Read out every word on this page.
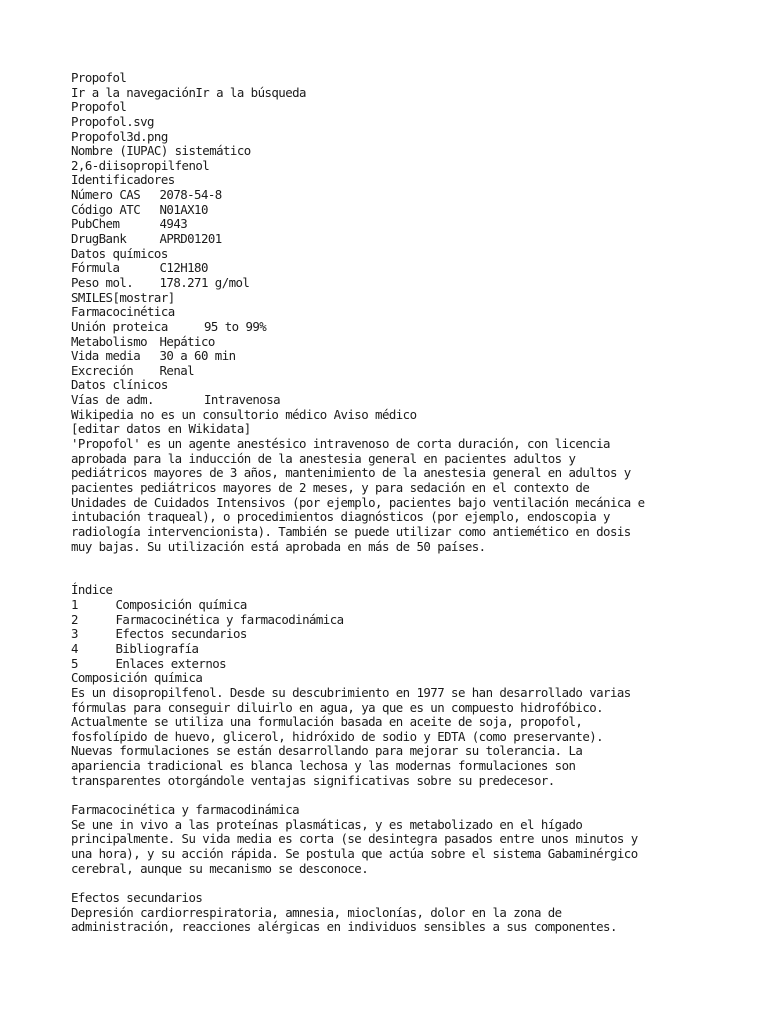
Propofol
Ir a la navegaciónIr a la búsqueda
Propofol
Propofol.svg
Propofol3d.png
Nombre (IUPAC) sistemático
2,6-diisopropilfenol
Identificadores
Número CAS 2078-54-8
Código ATC N01AX10
PubChem	4943
DrugBank	APRD01201
Datos químicos
Fórmula	C12H180
Peso mol. 178.271 g/mol
SMILES[mostrar]
Farmacocinética
Unión proteica	95 to 99%
Metabolismo Hepático
Vida media 30 a 60 min
Excreción Renal
Datos clínicos
Vías de adm.	Intravenosa
Wikipedia no es un consultorio médico Aviso médico
[editar datos en Wikidata]
'Propofol' es un agente anestésico intravenoso de corta duración, con licencia
aprobada para la inducción de la anestesia general en pacientes adultos y
pediátricos mayores de 3 años, mantenimiento de la anestesia general en adultos y
pacientes pediátricos mayores de 2 meses, y para sedación en el contexto de
Unidades de Cuidados Intensivos (por ejemplo, pacientes bajo ventilación mecánica e
intubación traqueal), o procedimientos diagnósticos (por ejemplo, endoscopia y
radiología intervencionista). También se puede utilizar como antiemético en dosis
muy bajas. Su utilización está aprobada en más de 50 países.
Índice
1	Composición química
2	Farmacocinética y farmacodinámica
3	Efectos secundarios
4	Bibliografía
5	Enlaces externos
Composición química
Es un disopropilfenol. Desde su descubrimiento en 1977 se han desarrollado varias
fórmulas para conseguir diluirlo en agua, ya que es un compuesto hidrofóbico.
Actualmente se utiliza una formulación basada en aceite de soja, propofol,
fosfolípido de huevo, glicerol, hidróxido de sodio y EDTA (como preservante).
Nuevas formulaciones se están desarrollando para mejorar su tolerancia. La
apariencia tradicional es blanca lechosa y las modernas formulaciones son
transparentes otorgándole ventajas significativas sobre su predecesor.
Farmacocinética y farmacodinámica
Se une in vivo a las proteínas plasmáticas, y es metabolizado en el hígado
principalmente. Su vida media es corta (se desintegra pasados entre unos minutos y
una hora), y su acción rápida. Se postula que actúa sobre el sistema Gabaminérgico
cerebral, aunque su mecanismo se desconoce.
Efectos secundarios
Depresión cardiorrespiratoria, amnesia, mioclonías, dolor en la zona de
administración, reacciones alérgicas en individuos sensibles a sus componentes.
